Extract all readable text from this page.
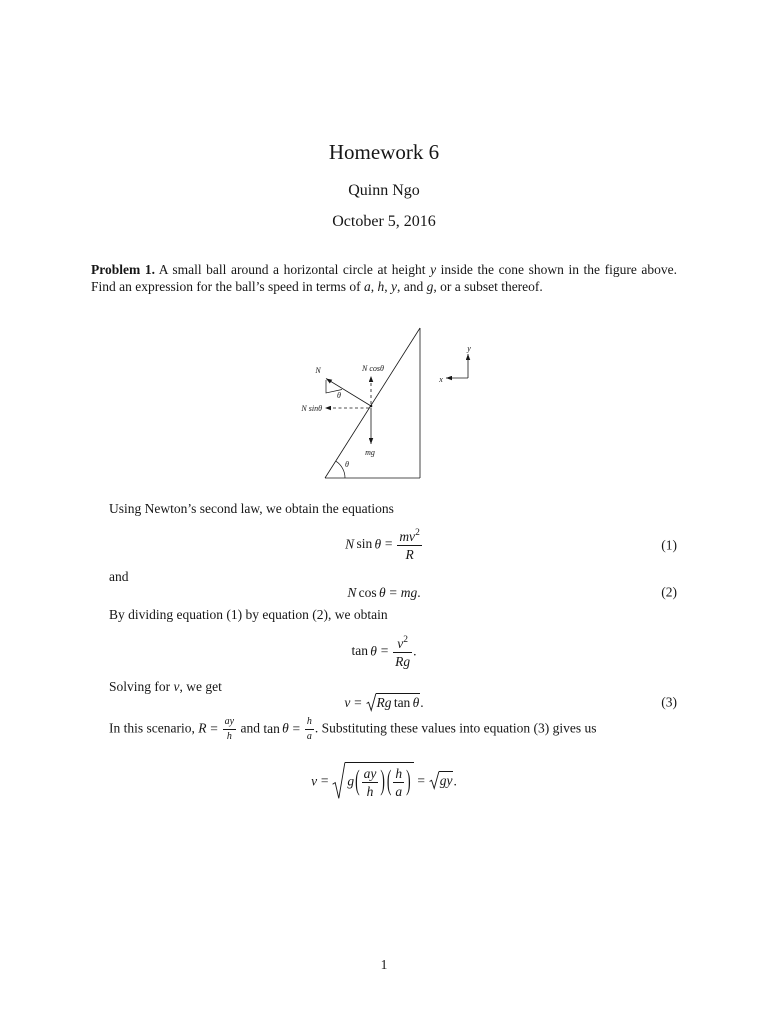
Homework 6
Quinn Ngo
October 5, 2016
Problem 1. A small ball around a horizontal circle at height y inside the cone shown in the figure above.
Find an expression for the ball’s speed in terms of a, h, y, and g, or a subset thereof.
N	N cosθ
θ
N sinθ
mg
θ
y
x
Using Newton’s second law, we obtain the equations
N $\sin \theta = \frac{mv^2}{R}$	(1)
and
N cos θ = mg.	(2)
By dividing equation (1) by equation (2), we obtain
$\tan \theta = \frac{v^2}{Rg}$ .
Solving for v, we get
v = Rg tan θ.	(3)
In this scenario, $R = \frac{ay}{h}$ and $\tan \theta = \frac{h}{a}$ . Substituting these values into equation (3) gives us
$v = g( \frac{ay}{h}$ ) ( $\frac{h}{a}$ ) = gy.
1
